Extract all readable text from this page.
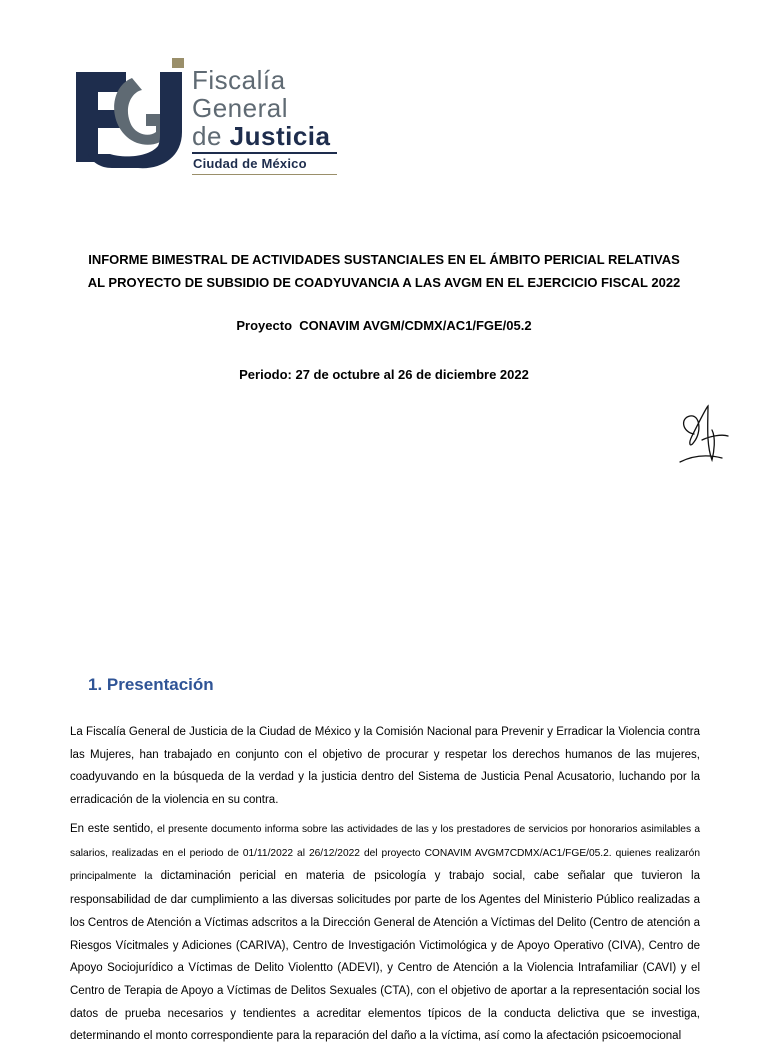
Fiscalía
General
de Justicia
Ciudad de México
INFORME BIMESTRAL DE ACTIVIDADES SUSTANCIALES EN EL ÁMBITO PERICIAL RELATIVAS
AL PROYECTO DE SUBSIDIO DE COADYUVANCIA A LAS AVGM EN EL EJERCICIO FISCAL 2022
Proyecto  CONAVIM AVGM/CDMX/AC1/FGE/05.2
Periodo: 27 de octubre al 26 de diciembre 2022
1. Presentación
La Fiscalía General de Justicia de la Ciudad de México y la Comisión Nacional para Prevenir y Erradicar la Violencia contra las Mujeres, han trabajado en conjunto con el objetivo de procurar y respetar los derechos humanos de las mujeres, coadyuvando en la búsqueda de la verdad y la justicia dentro del Sistema de Justicia Penal Acusatorio, luchando por la erradicación de la violencia en su contra.
En este sentido, el presente documento informa sobre las actividades de las y los prestadores de servicios por honorarios asimilables a salarios, realizadas en el periodo de 01/11/2022 al 26/12/2022 del proyecto CONAVIM AVGM7CDMX/AC1/FGE/05.2. quienes realizarón principalmente la dictaminación pericial en materia de psicología y trabajo social, cabe señalar que tuvieron la responsabilidad de dar cumplimiento a las diversas solicitudes por parte de los Agentes del Ministerio Público realizadas a los Centros de Atención a Víctimas adscritos a la Dirección General de Atención a Víctimas del Delito (Centro de atención a Riesgos Vícitmales y Adiciones (CARIVA), Centro de Investigación Victimológica y de Apoyo Operativo (CIVA), Centro de Apoyo Sociojurídico a Víctimas de Delito Violentto (ADEVI), y Centro de Atención a la Violencia Intrafamiliar (CAVI) y el Centro de Terapia de Apoyo a Víctimas de Delitos Sexuales (CTA), con el objetivo de aportar a la representación social los datos de prueba necesarios y tendientes a acreditar elementos típicos de la conducta delictiva que se investiga, determinando el monto correspondiente para la reparación del daño a la víctima, así como la afectación psicoemocional
